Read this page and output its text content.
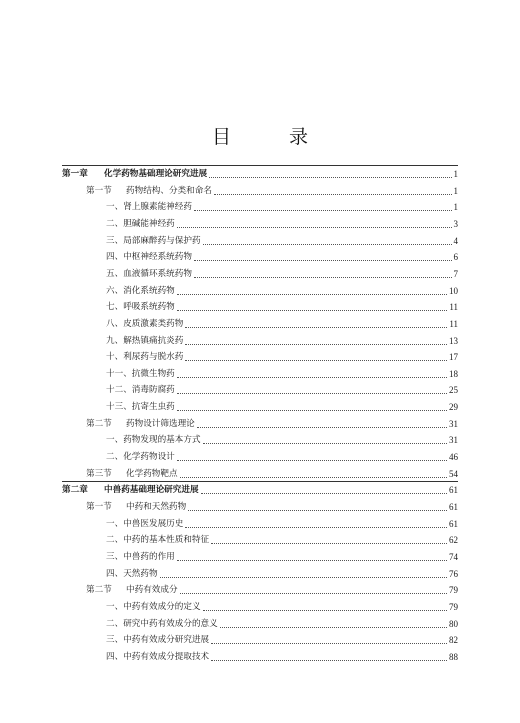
目 录
第一章	化学药物基础理论研究进展	1
第一节	药物结构、分类和命名	1
一、肾上腺素能神经药	1
二、胆碱能神经药	3
三、局部麻醉药与保护药	4
四、中枢神经系统药物	6
五、血液循环系统药物	7
六、消化系统药物	10
七、呼吸系统药物	11
八、皮质激素类药物	11
九、解热镇痛抗炎药	13
十、利尿药与脱水药	17
十一、抗微生物药	18
十二、消毒防腐药	25
十三、抗寄生虫药	29
第二节	药物设计筛选理论	31
一、药物发现的基本方式	31
二、化学药物设计	46
第三节	化学药物靶点	54
第二章	中兽药基础理论研究进展	61
第一节	中药和天然药物	61
一、中兽医发展历史	61
二、中药的基本性质和特征	62
三、中兽药的作用	74
四、天然药物	76
第二节	中药有效成分	79
一、中药有效成分的定义	79
二、研究中药有效成分的意义	80
三、中药有效成分研究进展	82
四、中药有效成分提取技术	88
